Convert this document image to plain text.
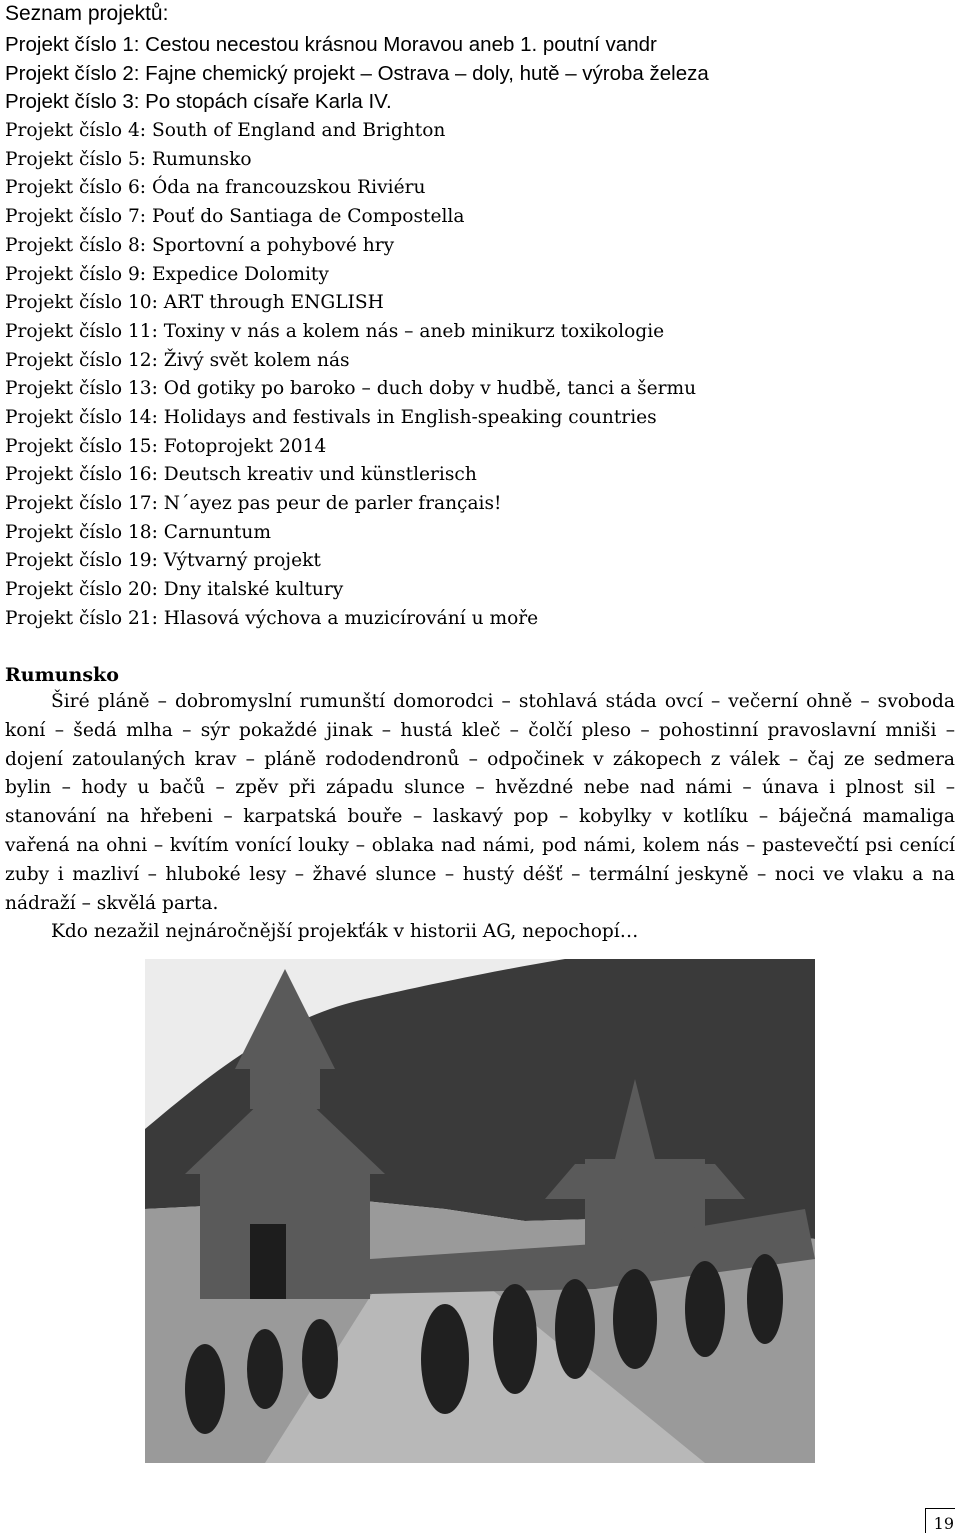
Seznam projektů:
Projekt číslo 1: Cestou necestou krásnou Moravou aneb 1. poutní vandr
Projekt číslo 2: Fajne chemický projekt – Ostrava – doly, hutě – výroba železa
Projekt číslo 3: Po stopách císaře Karla IV.
Projekt číslo 4: South of England and Brighton
Projekt číslo 5: Rumunsko
Projekt číslo 6: Óda na francouzskou Riviéru
Projekt číslo 7: Pouť do Santiaga de Compostella
Projekt číslo 8: Sportovní a pohybové hry
Projekt číslo 9: Expedice Dolomity
Projekt číslo 10: ART through ENGLISH
Projekt číslo 11: Toxiny v nás a kolem nás – aneb minikurz toxikologie
Projekt číslo 12: Živý svět kolem nás
Projekt číslo 13: Od gotiky po baroko – duch doby v hudbě, tanci a šermu
Projekt číslo 14: Holidays and festivals in English-speaking countries
Projekt číslo 15: Fotoprojekt 2014
Projekt číslo 16: Deutsch kreativ und künstlerisch
Projekt číslo 17: N´ayez pas peur de parler français!
Projekt číslo 18: Carnuntum
Projekt číslo 19: Výtvarný projekt
Projekt číslo 20: Dny italské kultury
Projekt číslo 21: Hlasová výchova a muzicírování u moře
Rumunsko

Širé pláně – dobromyslní rumunští domorodci – stohlavá stáda ovcí – večerní ohně – svoboda koní – šedá mlha – sýr pokaždé jinak – hustá kleč – čolčí pleso – pohostinní pravoslavní mniši – dojení zatoulaných krav – pláně rododendronů – odpočinek v zákopech z válek – čaj ze sedmera bylin – hody u bačů – zpěv při západu slunce – hvězdné nebe nad námi – únava i plnost sil – stanování na hřebeni – karpatská bouře – laskavý pop – kobylky v kotlíku – báječná mamaliga vařená na ohni – kvítím vonící louky – oblaka nad námi, pod námi, kolem nás – pastevečtí psi cenící zuby i mazliví – hluboké lesy – žhavé slunce – hustý déšť – termální jeskyně – noci ve vlaku a na nádraží – skvělá parta.

Kdo nezažil nejnáročnější projekťák v historii AG, nepochopí…

19
